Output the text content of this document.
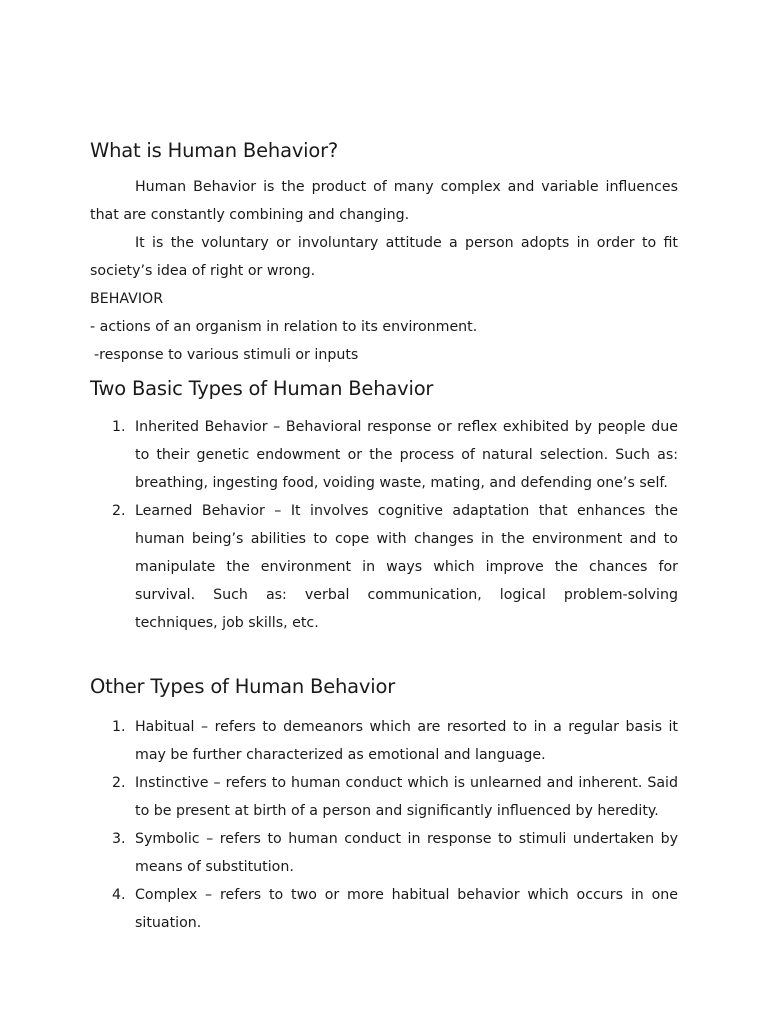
What is Human Behavior?

Human Behavior is the product of many complex and variable influences that are constantly combining and changing.

It is the voluntary or involuntary attitude a person adopts in order to fit society’s idea of right or wrong.

BEHAVIOR

- actions of an organism in relation to its environment.

-response to various stimuli or inputs

Two Basic Types of Human Behavior
1. Inherited Behavior – Behavioral response or reflex exhibited by people due to their genetic endowment or the process of natural selection. Such as: breathing, ingesting food, voiding waste, mating, and defending one’s self.
2. Learned Behavior – It involves cognitive adaptation that enhances the human being’s abilities to cope with changes in the environment and to manipulate the environment in ways which improve the chances for survival. Such as: verbal communication, logical problem-solving techniques, job skills, etc.
Other Types of Human Behavior
1. Habitual – refers to demeanors which are resorted to in a regular basis it may be further characterized as emotional and language.
2. Instinctive – refers to human conduct which is unlearned and inherent. Said to be present at birth of a person and significantly influenced by heredity.
3. Symbolic – refers to human conduct in response to stimuli undertaken by means of substitution.
4. Complex – refers to two or more habitual behavior which occurs in one situation.
